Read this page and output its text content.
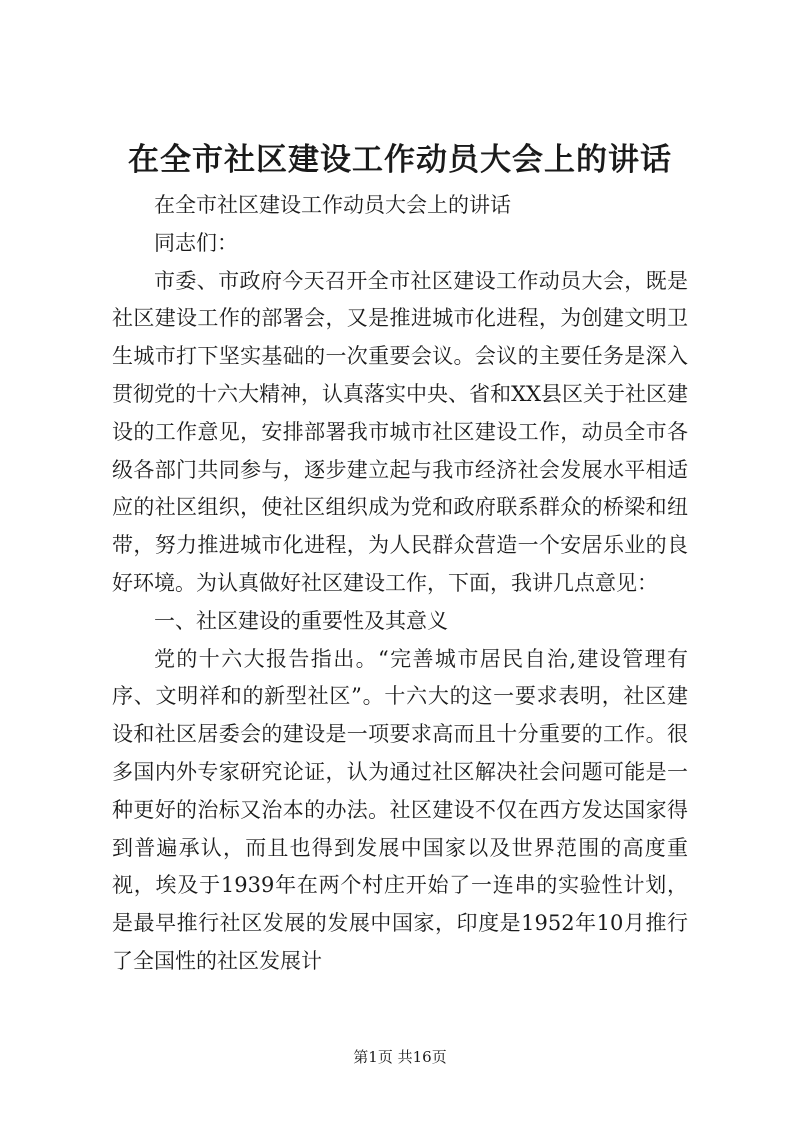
在全市社区建设工作动员大会上的讲话

在全市社区建设工作动员大会上的讲话

同志们：

市委、市政府今天召开全市社区建设工作动员大会，既是社区建设工作的部署会，又是推进城市化进程，为创建文明卫生城市打下坚实基础的一次重要会议。会议的主要任务是深入贯彻党的十六大精神，认真落实中央、省和XX县区关于社区建设的工作意见，安排部署我市城市社区建设工作，动员全市各级各部门共同参与，逐步建立起与我市经济社会发展水平相适应的社区组织，使社区组织成为党和政府联系群众的桥梁和纽带，努力推进城市化进程，为人民群众营造一个安居乐业的良好环境。为认真做好社区建设工作，下面，我讲几点意见：

一、社区建设的重要性及其意义

党的十六大报告指出。“完善城市居民自治,建设管理有序、文明祥和的新型社区”。十六大的这一要求表明，社区建设和社区居委会的建设是一项要求高而且十分重要的工作。很多国内外专家研究论证，认为通过社区解决社会问题可能是一种更好的治标又治本的办法。社区建设不仅在西方发达国家得到普遍承认，而且也得到发展中国家以及世界范围的高度重视，埃及于1939年在两个村庄开始了一连串的实验性计划，是最早推行社区发展的发展中国家，印度是1952年10月推行了全国性的社区发展计

第1页 共16页
